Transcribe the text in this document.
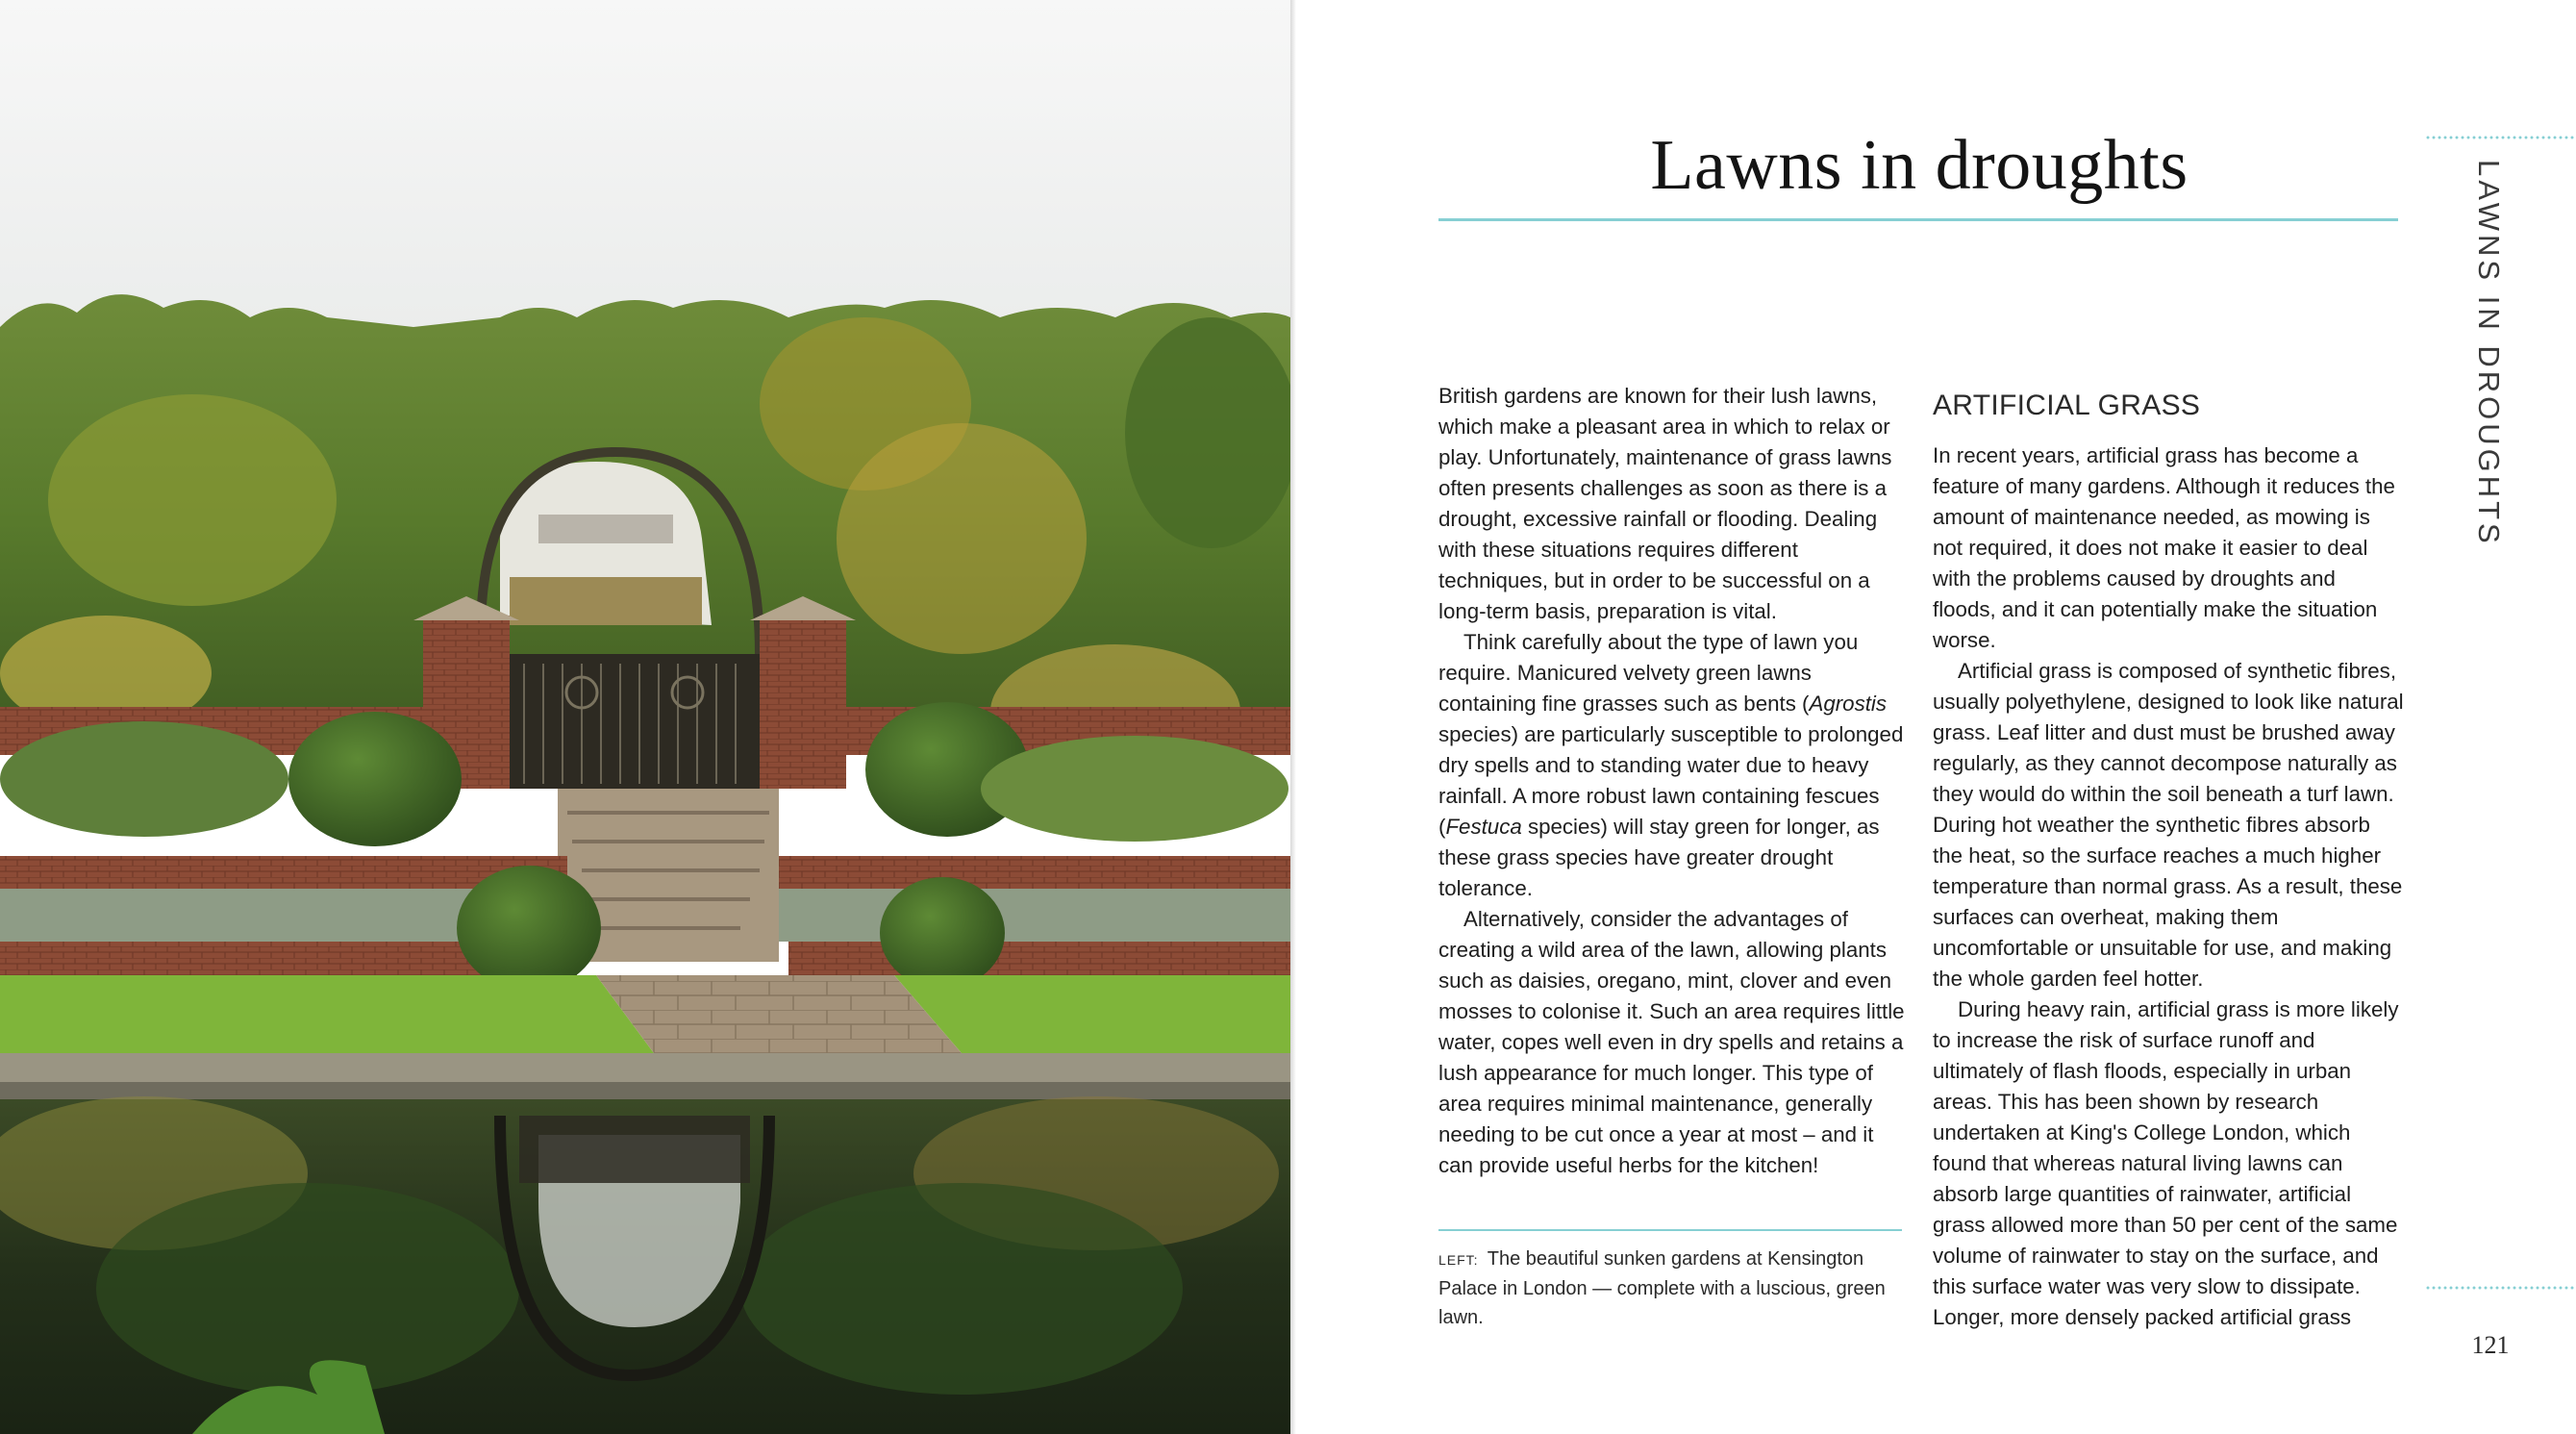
Lawns in droughts

British gardens are known for their lush lawns, which make a pleasant area in which to relax or play. Unfortunately, maintenance of grass lawns often presents challenges as soon as there is a drought, excessive rainfall or flooding. Dealing with these situations requires different techniques, but in order to be successful on a long-term basis, preparation is vital.

Think carefully about the type of lawn you require. Manicured velvety green lawns containing fine grasses such as bents (Agrostis species) are particularly susceptible to prolonged dry spells and to standing water due to heavy rainfall. A more robust lawn containing fescues (Festuca species) will stay green for longer, as these grass species have greater drought tolerance.

Alternatively, consider the advantages of creating a wild area of the lawn, allowing plants such as daisies, oregano, mint, clover and even mosses to colonise it. Such an area requires little water, copes well even in dry spells and retains a lush appearance for much longer. This type of area requires minimal maintenance, generally needing to be cut once a year at most – and it can provide useful herbs for the kitchen!

LEFT: The beautiful sunken gardens at Kensington Palace in London — complete with a luscious, green lawn.
ARTIFICIAL GRASS

In recent years, artificial grass has become a feature of many gardens. Although it reduces the amount of maintenance needed, as mowing is not required, it does not make it easier to deal with the problems caused by droughts and floods, and it can potentially make the situation worse.

Artificial grass is composed of synthetic fibres, usually polyethylene, designed to look like natural grass. Leaf litter and dust must be brushed away regularly, as they cannot decompose naturally as they would do within the soil beneath a turf lawn. During hot weather the synthetic fibres absorb the heat, so the surface reaches a much higher temperature than normal grass. As a result, these surfaces can overheat, making them uncomfortable or unsuitable for use, and making the whole garden feel hotter.

During heavy rain, artificial grass is more likely to increase the risk of surface runoff and ultimately of flash floods, especially in urban areas. This has been shown by research undertaken at King's College London, which found that whereas natural living lawns can absorb large quantities of rainwater, artificial grass allowed more than 50 per cent of the same volume of rainwater to stay on the surface, and this surface water was very slow to dissipate. Longer, more densely packed artificial grass

LAWNS IN DROUGHTS
121
